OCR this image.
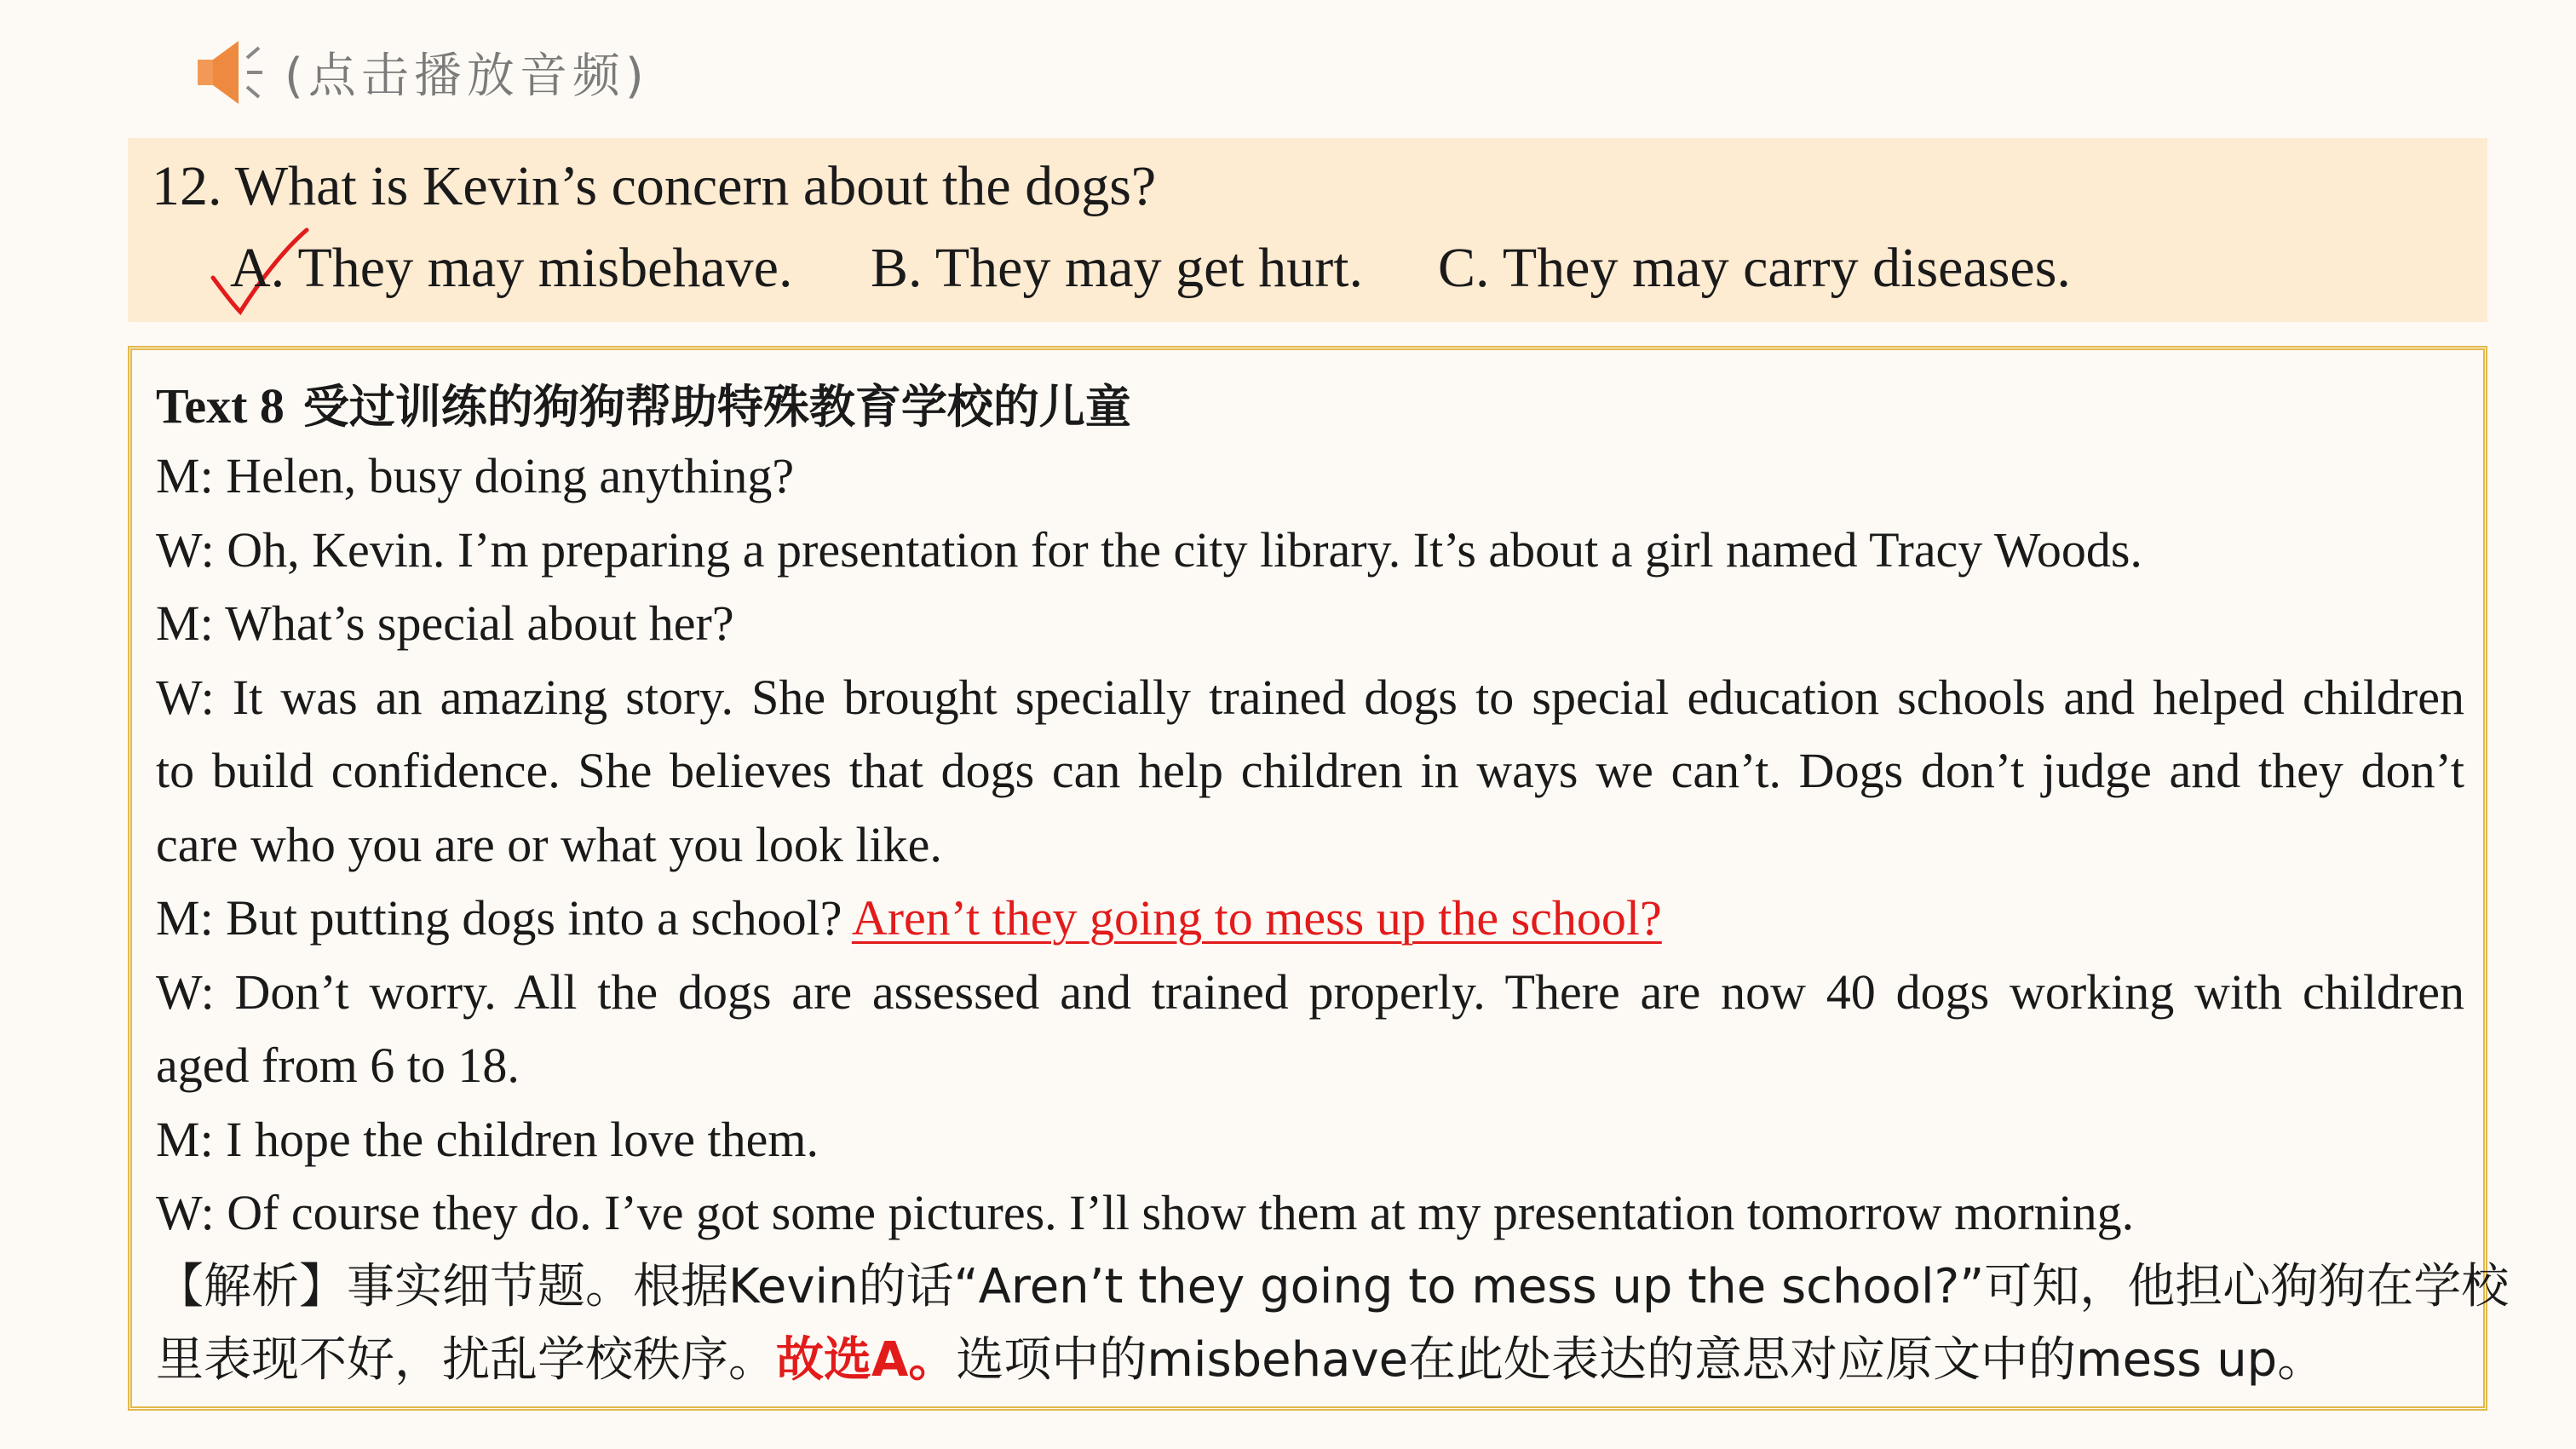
(点击播放音频)
12. What is Kevin’s concern about the dogs?
A. They may misbehave. B. They may get hurt. C. They may carry diseases.
Text 8 受过训练的狗狗帮助特殊教育学校的儿童
M: Helen, busy doing anything?
W: Oh, Kevin. I’m preparing a presentation for the city library. It’s about a girl named Tracy Woods.
M: What’s special about her?
W: It was an amazing story. She brought specially trained dogs to special education schools and helped children
to build confidence. She believes that dogs can help children in ways we can’t. Dogs don’t judge and they don’t
care who you are or what you look like.
M: But putting dogs into a school? Aren’t they going to mess up the school?
W: Don’t worry. All the dogs are assessed and trained properly. There are now 40 dogs working with children
aged from 6 to 18.
M: I hope the children love them.
W: Of course they do. I’ve got some pictures. I’ll show them at my presentation tomorrow morning.
【解析】事实细节题。根据Kevin的话“Aren’t they going to mess up the school?”可知，他担心狗狗在学校
里表现不好，扰乱学校秩序。故选A。选项中的misbehave在此处表达的意思对应原文中的mess up。
